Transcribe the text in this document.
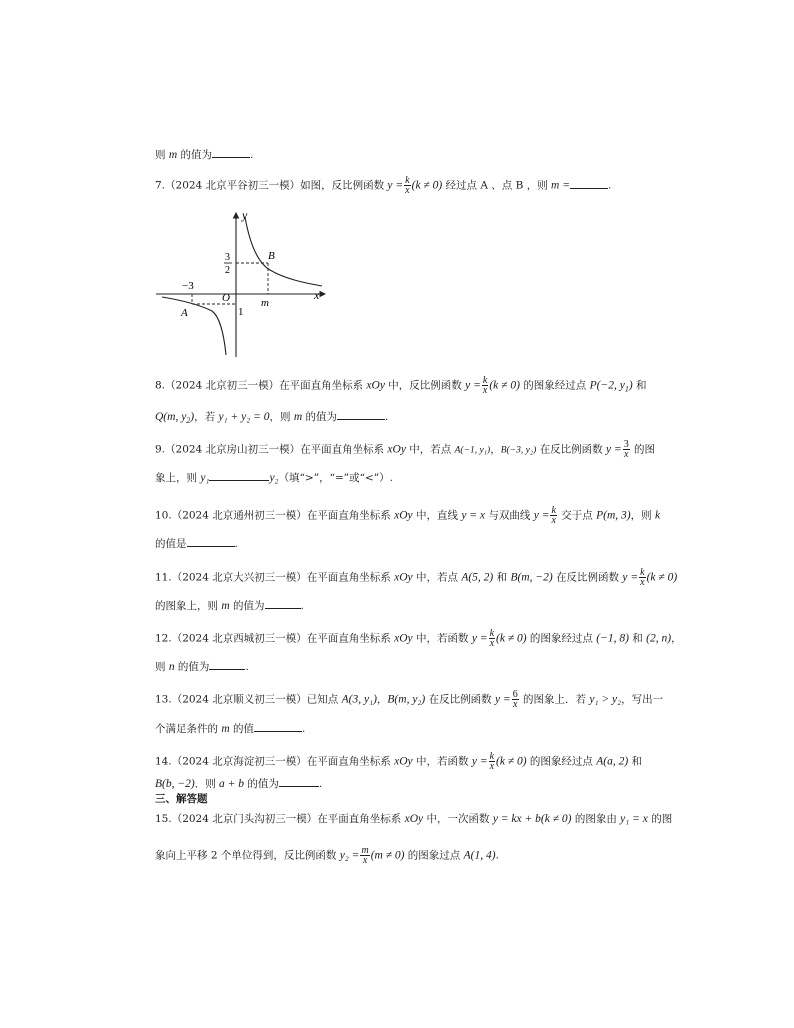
则 m 的值为	.
7.（2024 北京平谷初三一模）如图，反比例函数 $y = \frac{k}{x} (k \ne 0)$ 经过点 A 、点 B ，则 m =	.
y
x
O
B
A
m
−3
1
3
2
8.（2024 北京初三一模）在平面直角坐标系 xOy 中，反比例函数 $y = \frac{k}{x} (k \ne 0)$ 的图象经过点 P(−2, $y_1$) 和
Q(m, $y_2$)，若 y₁ + y₂ = 0，则 m 的值为	.
9.（2024 北京房山初三一模）在平面直角坐标系 xOy 中，若点 A(−1, y₁)，B(−3, y₂) 在反比例函数 $y = \frac{3}{x}$ 的图
象上，则 y₁	y₂（填“>”，“=”或“<”）.
10.（2024 北京通州初三一模）在平面直角坐标系 xOy 中，直线 y = x 与双曲线 $y = \frac{k}{x}$ 交于点 P(m, 3)，则 k
的值是	.
11.（2024 北京大兴初三一模）在平面直角坐标系 xOy 中，若点 A(5, 2) 和 B(m, −2) 在反比例函数 $y = \frac{k}{x} (k \ne 0)$
的图象上，则 m 的值为	.
12.（2024 北京西城初三一模）在平面直角坐标系 xOy 中，若函数 $y = \frac{k}{x} (k \ne 0)$ 的图象经过点 (−1, 8) 和 (2, n)，
则 n 的值为	.
13.（2024 北京顺义初三一模）已知点 A(3, y₁)，B(m, y₂) 在反比例函数 $y = \frac{6}{x}$ 的图象上．若 y₁ > y₂，写出一
个满足条件的 m 的值	.
14.（2024 北京海淀初三一模）在平面直角坐标系 xOy 中，若函数 $y = \frac{k}{x} (k \ne 0)$ 的图象经过点 A(a, 2) 和
B(b, −2)．则 a + b 的值为	.
三、解答题
15.（2024 北京门头沟初三一模）在平面直角坐标系 xOy 中，一次函数 y = kx + b(k ≠ 0) 的图象由 y₁ = x 的图
象向上平移 2 个单位得到，反比例函数 $y_2 = \frac{m}{x} (m \ne 0)$ 的图象过点 A(1, 4).
